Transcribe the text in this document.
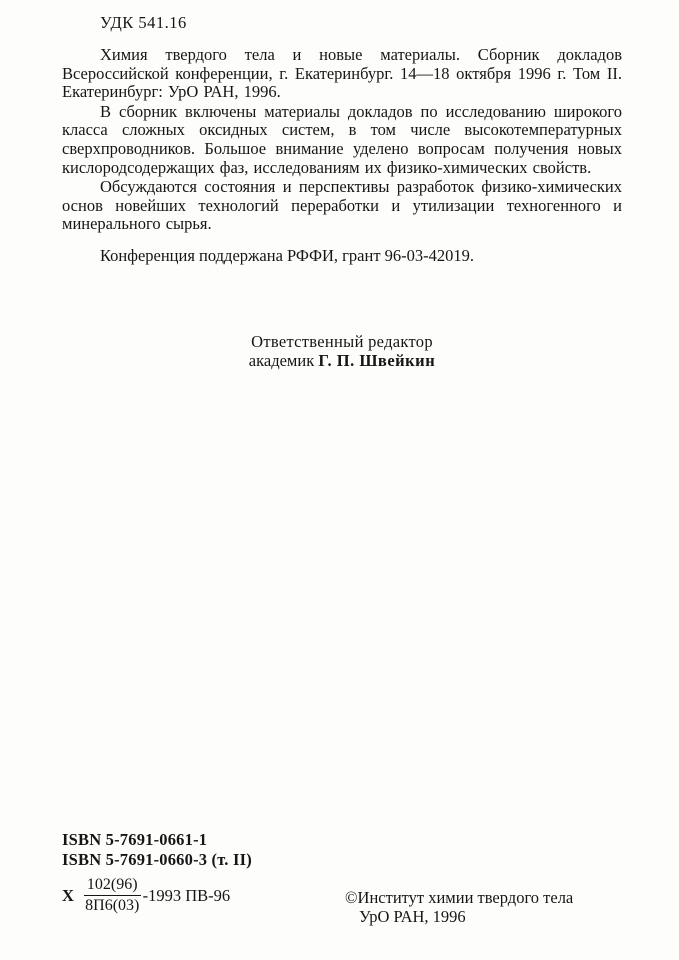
УДК 541.16

Химия твердого тела и новые материалы. Сборник докладов Всероссийской конференции, г. Екатеринбург. 14—18 октября 1996 г. Том II. Екатеринбург: УрО РАН, 1996.

В сборник включены материалы докладов по исследованию широкого класса сложных оксидных систем, в том числе высокотемпературных сверхпроводников. Большое внимание уделено вопросам получения новых кислородсодержащих фаз, исследованиям их физико-химических свойств.

Обсуждаются состояния и перспективы разработок физико-химических основ новейших технологий переработки и утилизации техногенного и минерального сырья.

Конференция поддержана РФФИ, грант 96-03-42019.

Ответственный редактор
академик Г. П. Швейкин
ISBN 5-7691-0661-1
ISBN 5-7691-0660-3 (т. II)
Х $\frac{102(96)}{8П6(03)} -1993$ ПВ-96	©Институт химии твердого тела
УрО РАН, 1996
